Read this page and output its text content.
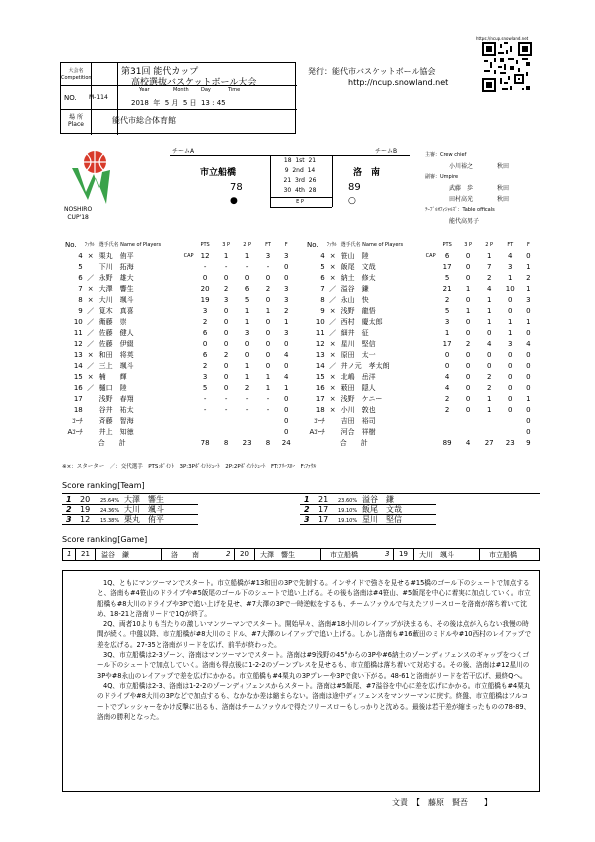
大会名
Competition
第31回 能代カップ
高校選抜バスケットボール大会
NO. M-114
Year	Month Day	Time
2018  年  5 月  5 日  13 : 45
場 所
Place	能代市総合体育館
発行：能代市バスケットボール協会
http://ncup.snowland.net
https://ncup.snowland.net
NOSHIRO
CUP'18
チームA	チームB
市立船橋	洛　南
78	89
●	○
18  1st  21
9  2nd  14
21  3rd  26
30  4th  28
E P
主審：Crew chief
小川裕之　　　　秋田
副審：Umpire
武藤　歩　　　　秋田
田村高光　　　　秋田
ﾃｰﾌﾞﾙｵﾌｨｼｬﾙｽﾞ：Table officals
能代高男子
No.	ﾌｧｳﾙ	選手氏名 Name of Players	PTS	3 P	2 P	FT	F
4	×	栗丸　侑平 CAP	12	1	1	3	3
5		下川　拓海	-	-	-	-	0
6	／	永野　雄大	0	0	0	0	0
7	×	大澤　響生	20	2	6	2	3
8	×	大川　颯斗	19	3	5	0	3
9	／	筧木　真喜	3	0	1	1	2
10	／	衛藤　崇	2	0	1	0	1
11	／	佐藤　健人	6	0	3	0	3
12	／	佐藤　伊綴	0	0	0	0	0
13	×	和田　将英	6	2	0	0	4
14	／	三上　颯斗	2	0	1	0	0
15	×	楠　　輝	3	0	1	1	4
16	／	樋口　陸	5	0	2	1	1
17		浅野　春翔	-	-	-	-	0
18		谷井　祐太	-	-	-	-	0
ｺｰﾁ		斉藤　智海					0
Aｺｰﾁ		井上　知徳					0
	合　　計		78	8	23	8	24
No.	ﾌｧｳﾙ	選手氏名 Name of Players	PTS	3 P	2 P	FT	F
4	×	笹山　陸 CAP	6	0	1	4	0
5	×	飯尾　文哉	17	0	7	3	1
6	×	納土　修太	5	0	2	1	2
7	／	溢谷　鎌	21	1	4	10	1
8	／	永山　快	2	0	1	0	3
9	×	浅野　龍悟	5	1	1	0	0
10	／	西村　慶太郎	3	0	1	1	1
11	／	細井　征	1	0	0	1	0
12	×	星川　堅信	17	2	4	3	4
13	×	原田　太一	0	0	0	0	0
14	／	井ノ元　孝太朗	0	0	0	0	0
15	×	北嶋　岳洋	4	0	2	0	0
16	×	薮田　隠人	4	0	2	0	0
17	×	浅野　ケニー	2	0	1	0	1
18	×	小川　敦也	2	0	1	0	0
ｺｰﾁ		吉田　裕司					0
Aｺｰﾁ		河合　祥樹					0
	合　　計		89	4	27	23	9
※×：スターター　／：交代選手　PTS:ﾎﾟｲﾝﾄ　3P:3Pﾎﾟｲﾝﾄｼｭｰﾄ　2P:2Pﾎﾟｲﾝﾄｼｭｰﾄ　FT:ﾌﾘｰｽﾛｰ　F:ﾌｧｳﾙ
Score ranking[Team]
1 20 25.64% 大澤　響生
2 19 24.36% 大川　颯斗
3 12 15.38% 栗丸　侑平
1 21 23.60% 溢谷　鎌
2 17 19.10% 飯尾　文哉
3 17 19.10% 星川　堅信
Score ranking[Game]
1 21 溢谷　鎌	洛　　南	2 20 大澤　響生	市立船橋	3 19 大川　颯斗	市立船橋

1Q、ともにマンツーマンでスタート。市立船橋が#13和田の3Pで先制する。インサイドで強さを見せる#15橋のゴール下のシュートで加点すると、洛南も#4笹山のドライブや#5飯尾のゴール下のシュートで追い上げる。その後も洛南は#4笹山、#5飯尾を中心に着実に加点していく。市立船橋も#8大川のドライブや3Pで追い上げを見せ、#7大澤の3Pで一時逆転をするも、チームファウルで与えたフリースローを洛南が落ち着いて沈め、18-21と洛南リードで1Qが終了。

2Q、両者10よりも当たりの激しいマンツーマンでスタート。開始早々、洛南#18小川のレイアップが決まるも、その後は点が入らない我慢の時間が続く。中盤以降、市立船橋が#8大川のミドル、#7大澤のレイアップで追い上げる。しかし洛南も#16藪田のミドルや#10西村のレイアップで差を広げる。27-35と洛南がリードを広げ、前半が終わった。

3Q、市立船橋は2-3ゾーン、洛南はマンツーマンでスタート。洛南は#9浅野の45°からの3Pや#6納土のゾーンディフェンスのギャップをつくゴール下のシュートで加点していく。洛南も得点後に1-2-2のゾーンプレスを見せるも、市立船橋は落ち着いて対応する。その後、洛南は#12星川の3Pや#8永山のレイアップで差を広げにかかる。市立船橋も#4栗丸の3Pプレーや3Pで食い下がる。48-61と洛南がリードを若干広げ、最終Qへ。

4Q、市立船橋は2-3、洛南は1-2-2のゾーンディフェンスからスタート。洛南は#5飯尾、#7溢谷を中心に差を広げにかかる。市立船橋も#4栗丸のドライブや#8大川の3Pなどで加点するも、なかなか差は縮まらない。洛南は途中ディフェンスをマンツーマンに戻す。終盤、市立船橋はフルコートでプレッシャーをかけ反撃に出るも、洛南はチームファウルで得たフリースローもしっかりと沈める。最後は若干差が縮まったものの78-89、洛南の勝利となった。

文責　【　藤原　賢吾　　】
